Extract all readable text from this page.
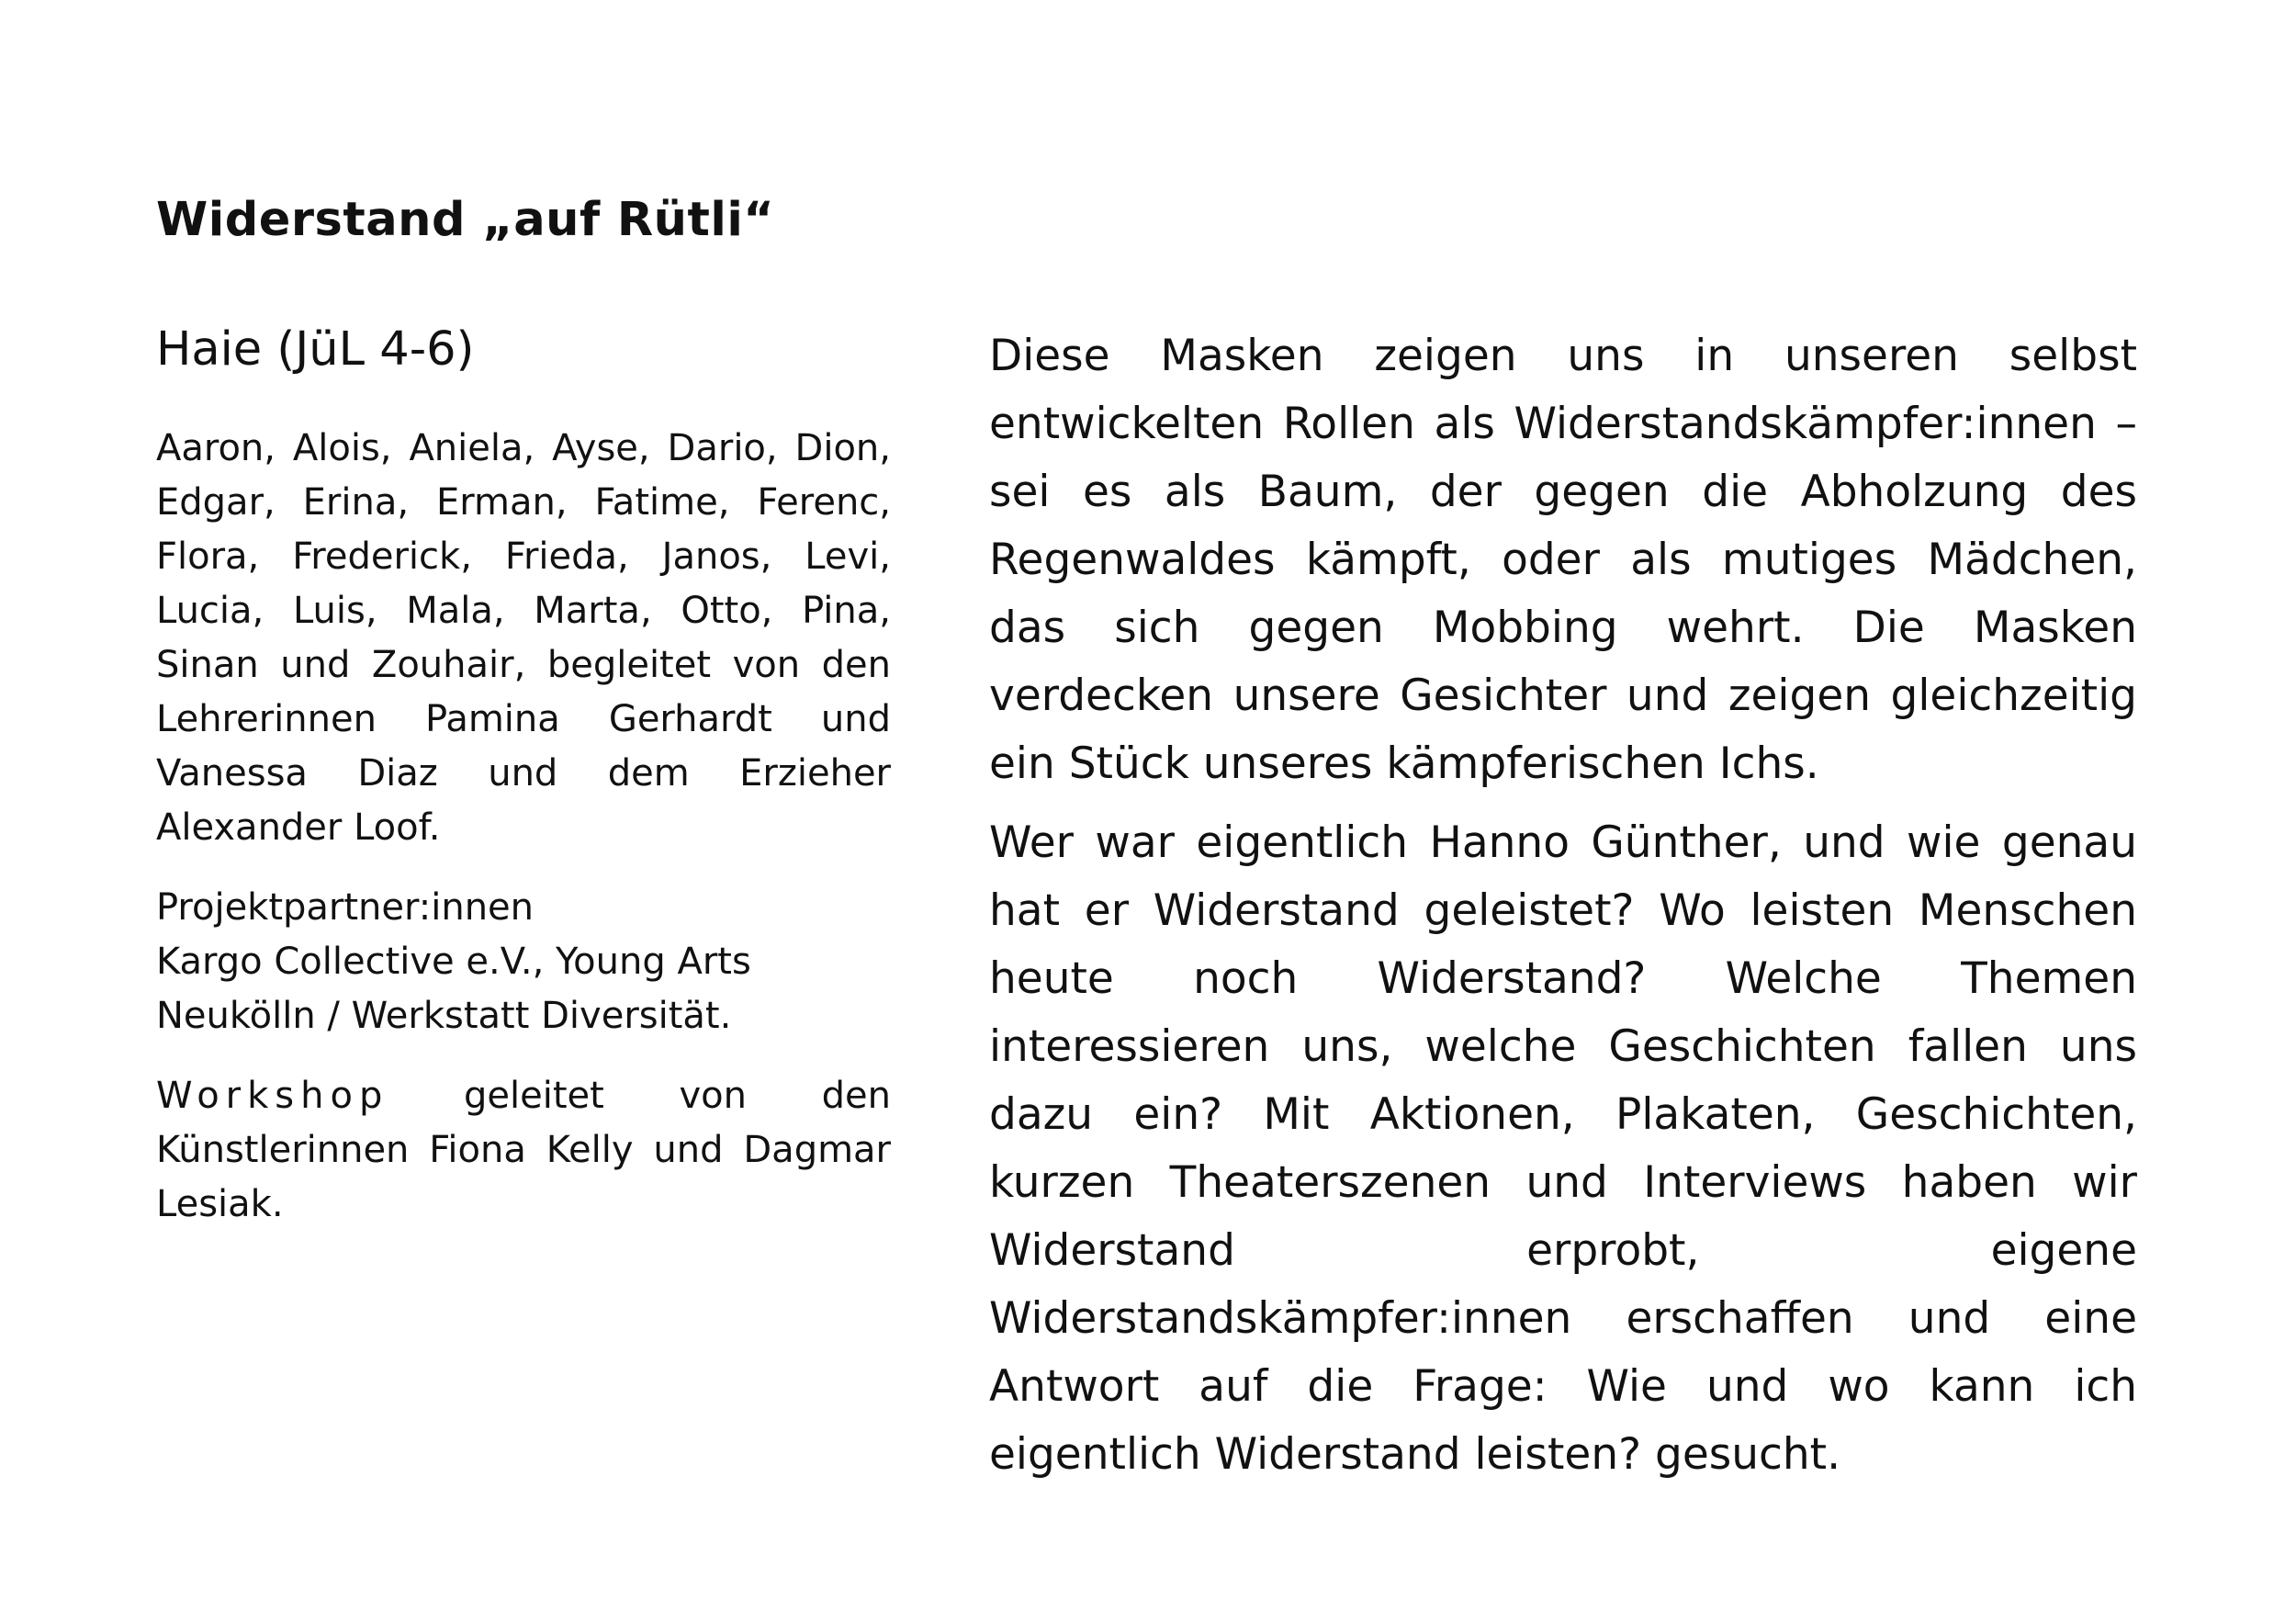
Widerstand „auf Rütli“
Haie (JüL 4-6)

Aaron, Alois, Aniela, Ayse, Dario, Dion, Edgar, Erina, Erman, Fatime, Ferenc, Flora, Frederick, Frieda, Janos, Levi, Lucia, Luis, Mala, Marta, Otto, Pina, Sinan und Zouhair, begleitet von den Lehrerinnen Pamina Gerhardt und Vanessa Diaz und dem Erzieher Alexander Loof.

Projektpartner:innen

Kargo Collective e.V., Young Arts Neukölln / Werkstatt Diversität.

Workshop geleitet von den Künstlerinnen Fiona Kelly und Dagmar Lesiak.

Diese Masken zeigen uns in unseren selbst entwickelten Rollen als Widerstandskämpfer:innen – sei es als Baum, der gegen die Abholzung des Regenwaldes kämpft, oder als mutiges Mädchen, das sich gegen Mobbing wehrt. Die Masken verdecken unsere Gesichter und zeigen gleichzeitig ein Stück unseres kämpferischen Ichs.

Wer war eigentlich Hanno Günther, und wie genau hat er Widerstand geleistet? Wo leisten Menschen heute noch Widerstand? Welche Themen interessieren uns, welche Geschichten fallen uns dazu ein? Mit Aktionen, Plakaten, Geschichten, kurzen Theaterszenen und Interviews haben wir Widerstand erprobt, eigene Widerstandskämpfer:innen erschaffen und eine Antwort auf die Frage: Wie und wo kann ich eigentlich Widerstand leisten? gesucht.
